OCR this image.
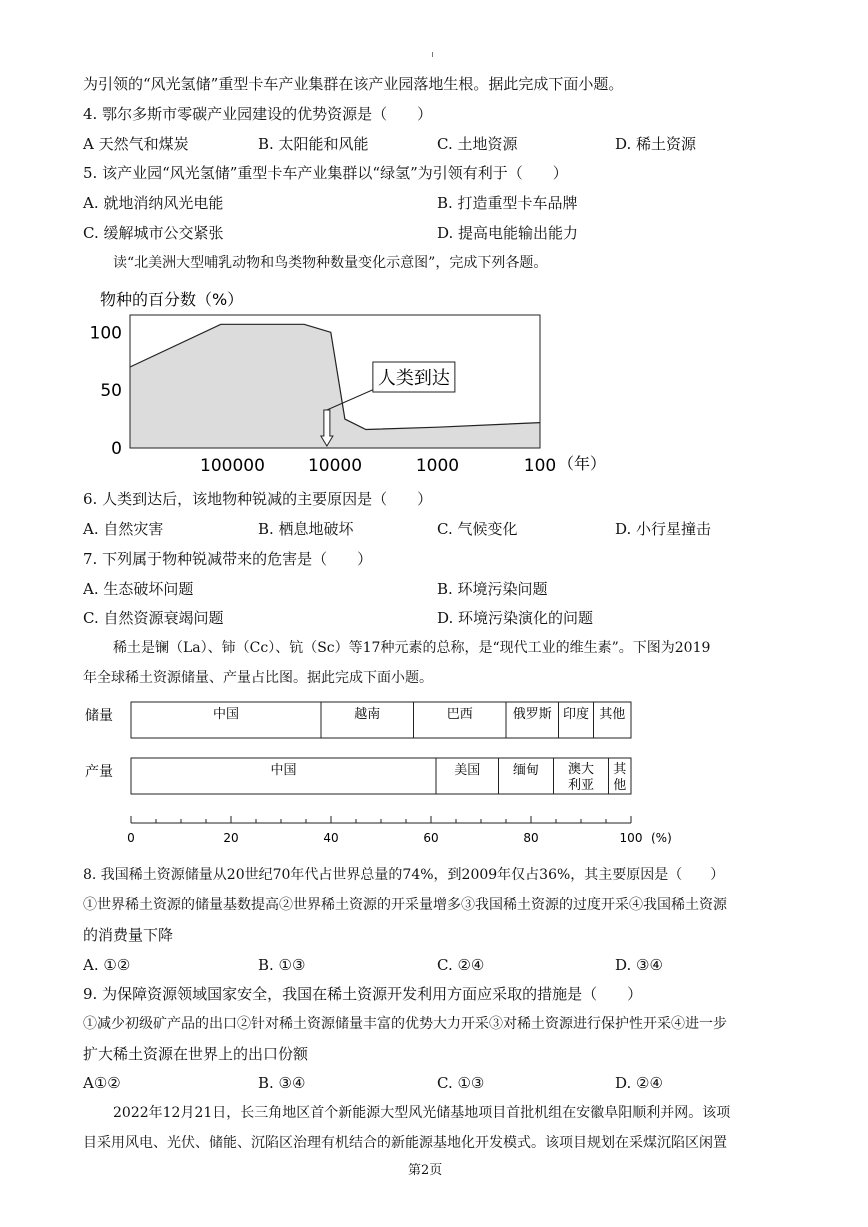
为引领的“风光氢储”重型卡车产业集群在该产业园落地生根。据此完成下面小题。
4. 鄂尔多斯市零碳产业园建设的优势资源是（　　）
A 天然气和煤炭	B. 太阳能和风能	C. 土地资源	D. 稀土资源
5. 该产业园“风光氢储”重型卡车产业集群以“绿氢”为引领有利于（　　）
A. 就地消纳风光电能	B. 打造重型卡车品牌
C. 缓解城市公交紧张	D. 提高电能输出能力
读“北美洲大型哺乳动物和鸟类物种数量变化示意图”，完成下列各题。
物种的百分数（%）
100
50
0
100000	10000	1000	100 （年）
人类到达
6. 人类到达后，该地物种锐减的主要原因是（　　）
A. 自然灾害	B. 栖息地破坏	C. 气候变化	D. 小行星撞击
7. 下列属于物种锐减带来的危害是（　　）
A. 生态破坏问题	B. 环境污染问题
C. 自然资源衰竭问题	D. 环境污染演化的问题
稀土是镧（La）、铈（Cc）、钪（Sc）等17种元素的总称，是“现代工业的维生素”。下图为2019
年全球稀土资源储量、产量占比图。据此完成下面小题。
储量	中国	越南	巴西	俄罗斯 印度 其他
产量	中国	美国	缅甸 澳大
利亚
其
他
0	20	40	60	80	100 (%)
8. 我国稀土资源储量从20世纪70年代占世界总量的74%，到2009年仅占36%，其主要原因是（　　）
①世界稀土资源的储量基数提高②世界稀土资源的开采量增多③我国稀土资源的过度开采④我国稀土资源
的消费量下降
A. ①②	B. ①③	C. ②④	D. ③④
9. 为保障资源领域国家安全，我国在稀土资源开发利用方面应采取的措施是（　　）
①减少初级矿产品的出口②针对稀土资源储量丰富的优势大力开采③对稀土资源进行保护性开采④进一步
扩大稀土资源在世界上的出口份额
A①②	B. ③④	C. ①③	D. ②④
2022年12月21日，长三角地区首个新能源大型风光储基地项目首批机组在安徽阜阳顺利并网。该项
目采用风电、光伏、储能、沉陷区治理有机结合的新能源基地化开发模式。该项目规划在采煤沉陷区闲置
第2页
